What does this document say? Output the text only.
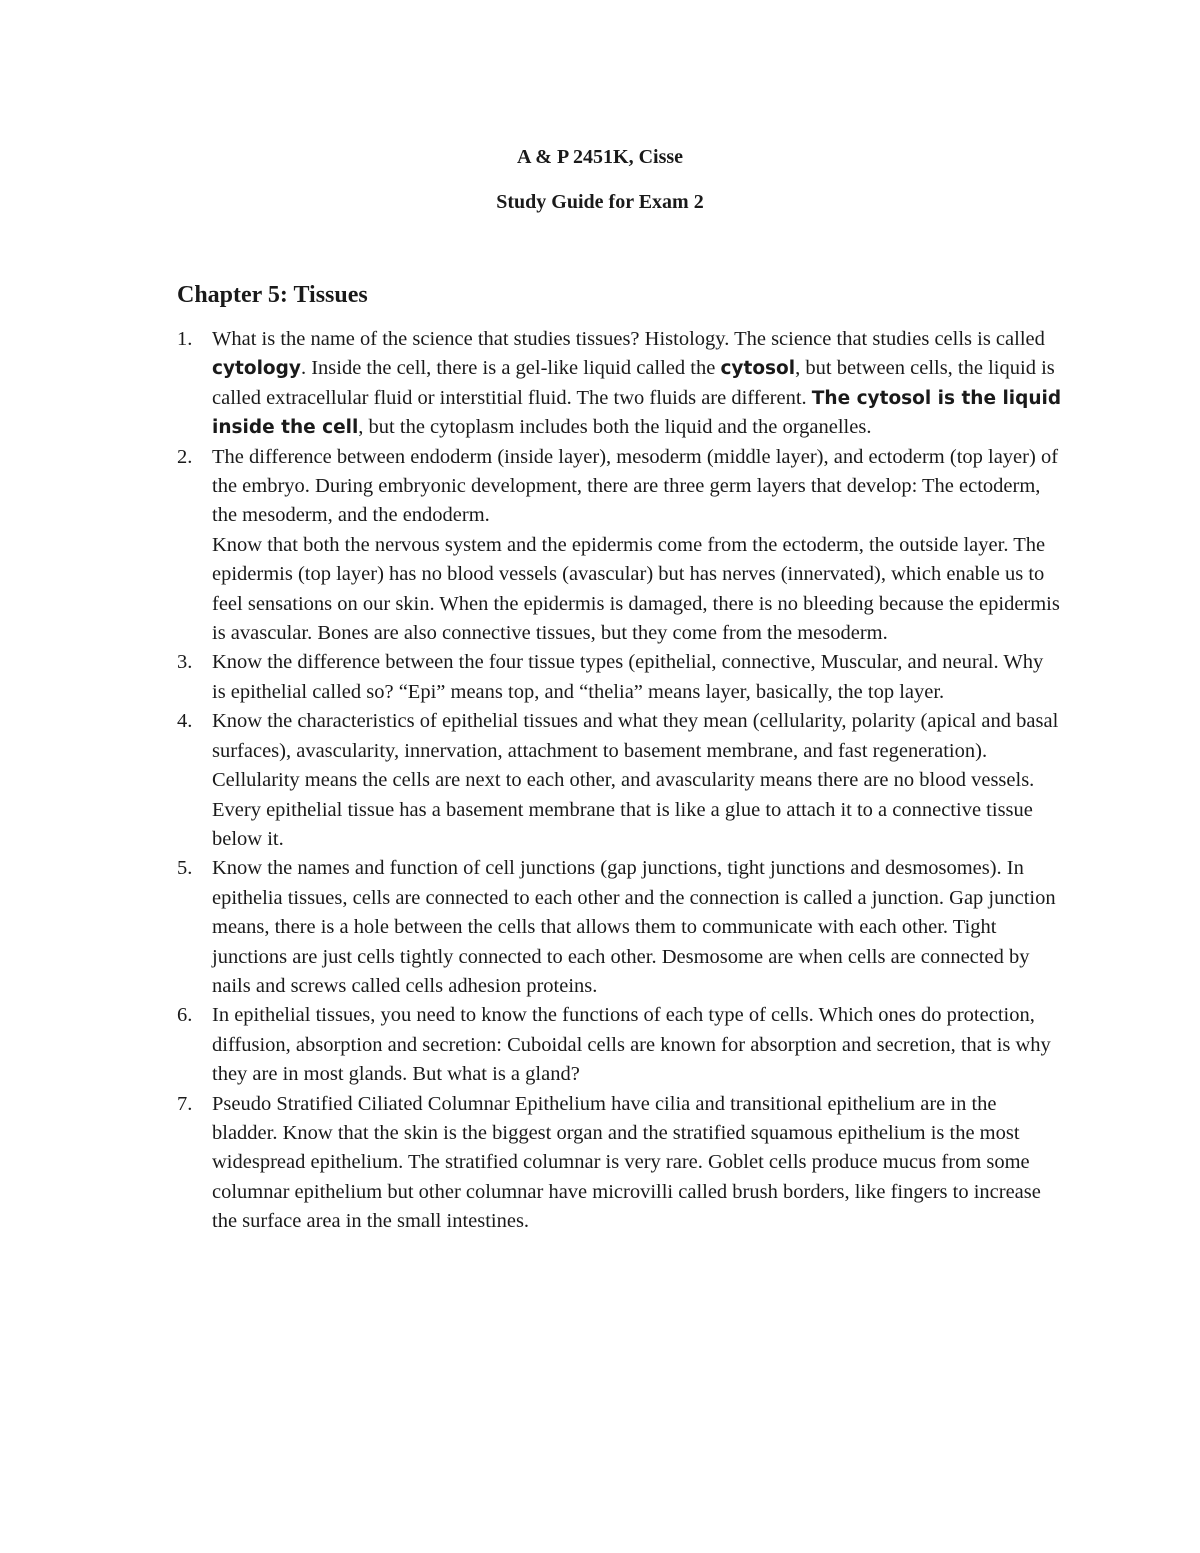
A & P 2451K, Cisse

Study Guide for Exam 2

Chapter 5: Tissues
1. What is the name of the science that studies tissues? Histology. The science that studies cells is called cytology. Inside the cell, there is a gel-like liquid called the cytosol, but between cells, the liquid is called extracellular fluid or interstitial fluid. The two fluids are different. The cytosol is the liquid inside the cell, but the cytoplasm includes both the liquid and the organelles.
2. The difference between endoderm (inside layer), mesoderm (middle layer), and ectoderm (top layer) of the embryo. During embryonic development, there are three germ layers that develop: The ectoderm, the mesoderm, and the endoderm.
Know that both the nervous system and the epidermis come from the ectoderm, the outside layer. The epidermis (top layer) has no blood vessels (avascular) but has nerves (innervated), which enable us to feel sensations on our skin. When the epidermis is damaged, there is no bleeding because the epidermis is avascular. Bones are also connective tissues, but they come from the mesoderm.
3. Know the difference between the four tissue types (epithelial, connective, Muscular, and neural. Why is epithelial called so? “Epi” means top, and “thelia” means layer, basically, the top layer.
4. Know the characteristics of epithelial tissues and what they mean (cellularity, polarity (apical and basal surfaces), avascularity, innervation, attachment to basement membrane, and fast regeneration). Cellularity means the cells are next to each other, and avascularity means there are no blood vessels. Every epithelial tissue has a basement membrane that is like a glue to attach it to a connective tissue below it.
5. Know the names and function of cell junctions (gap junctions, tight junctions and desmosomes). In epithelia tissues, cells are connected to each other and the connection is called a junction. Gap junction means, there is a hole between the cells that allows them to communicate with each other. Tight junctions are just cells tightly connected to each other. Desmosome are when cells are connected by nails and screws called cells adhesion proteins.
6. In epithelial tissues, you need to know the functions of each type of cells. Which ones do protection, diffusion, absorption and secretion: Cuboidal cells are known for absorption and secretion, that is why they are in most glands. But what is a gland?
7. Pseudo Stratified Ciliated Columnar Epithelium have cilia and transitional epithelium are in the bladder. Know that the skin is the biggest organ and the stratified squamous epithelium is the most widespread epithelium. The stratified columnar is very rare. Goblet cells produce mucus from some columnar epithelium but other columnar have microvilli called brush borders, like fingers to increase the surface area in the small intestines.
